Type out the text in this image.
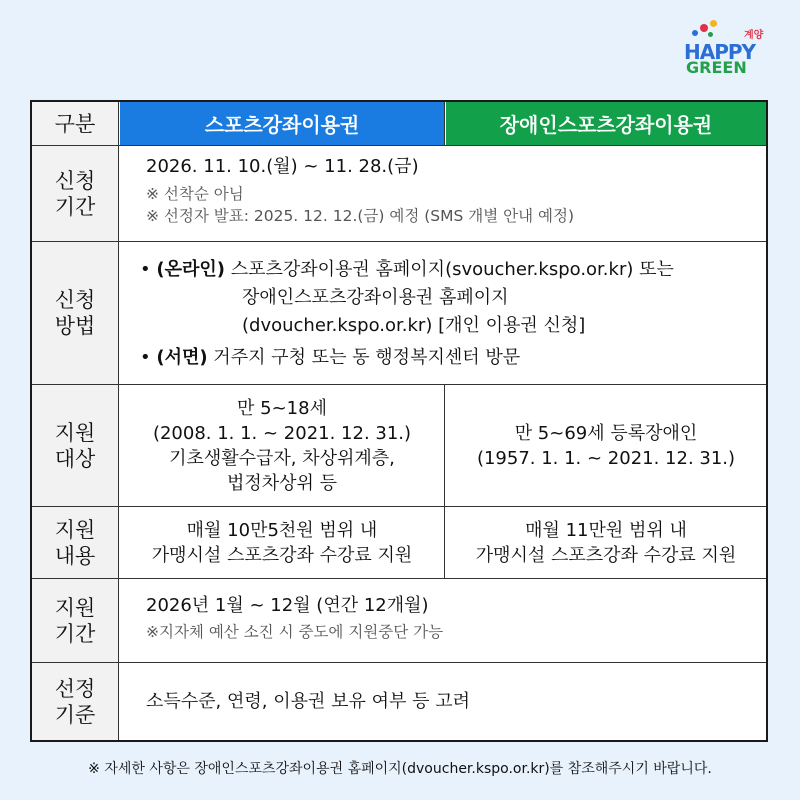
계양
HAPPY
GREEN
구분	스포츠강좌이용권	장애인스포츠강좌이용권
신청
기간
2026. 11. 10.(월) ~ 11. 28.(금)
※ 선착순 아님
※ 선정자 발표: 2025. 12. 12.(금) 예정 (SMS 개별 안내 예정)
신청
방법
• (온라인) 스포츠강좌이용권 홈페이지(svoucher.kspo.or.kr) 또는
장애인스포츠강좌이용권 홈페이지
(dvoucher.kspo.or.kr) [개인 이용권 신청]
• (서면) 거주지 구청 또는 동 행정복지센터 방문
지원
대상
만 5~18세
(2008. 1. 1. ~ 2021. 12. 31.)
기초생활수급자, 차상위계층,
법정차상위 등
만 5~69세 등록장애인
(1957. 1. 1. ~ 2021. 12. 31.)
지원
내용
매월 10만5천원 범위 내
가맹시설 스포츠강좌 수강료 지원
매월 11만원 범위 내
가맹시설 스포츠강좌 수강료 지원
지원
기간
2026년 1월 ~ 12월 (연간 12개월)
※지자체 예산 소진 시 중도에 지원중단 가능
선정
기준
소득수준, 연령, 이용권 보유 여부 등 고려
※ 자세한 사항은 장애인스포츠강좌이용권 홈페이지(dvoucher.kspo.or.kr)를 참조해주시기 바랍니다.
